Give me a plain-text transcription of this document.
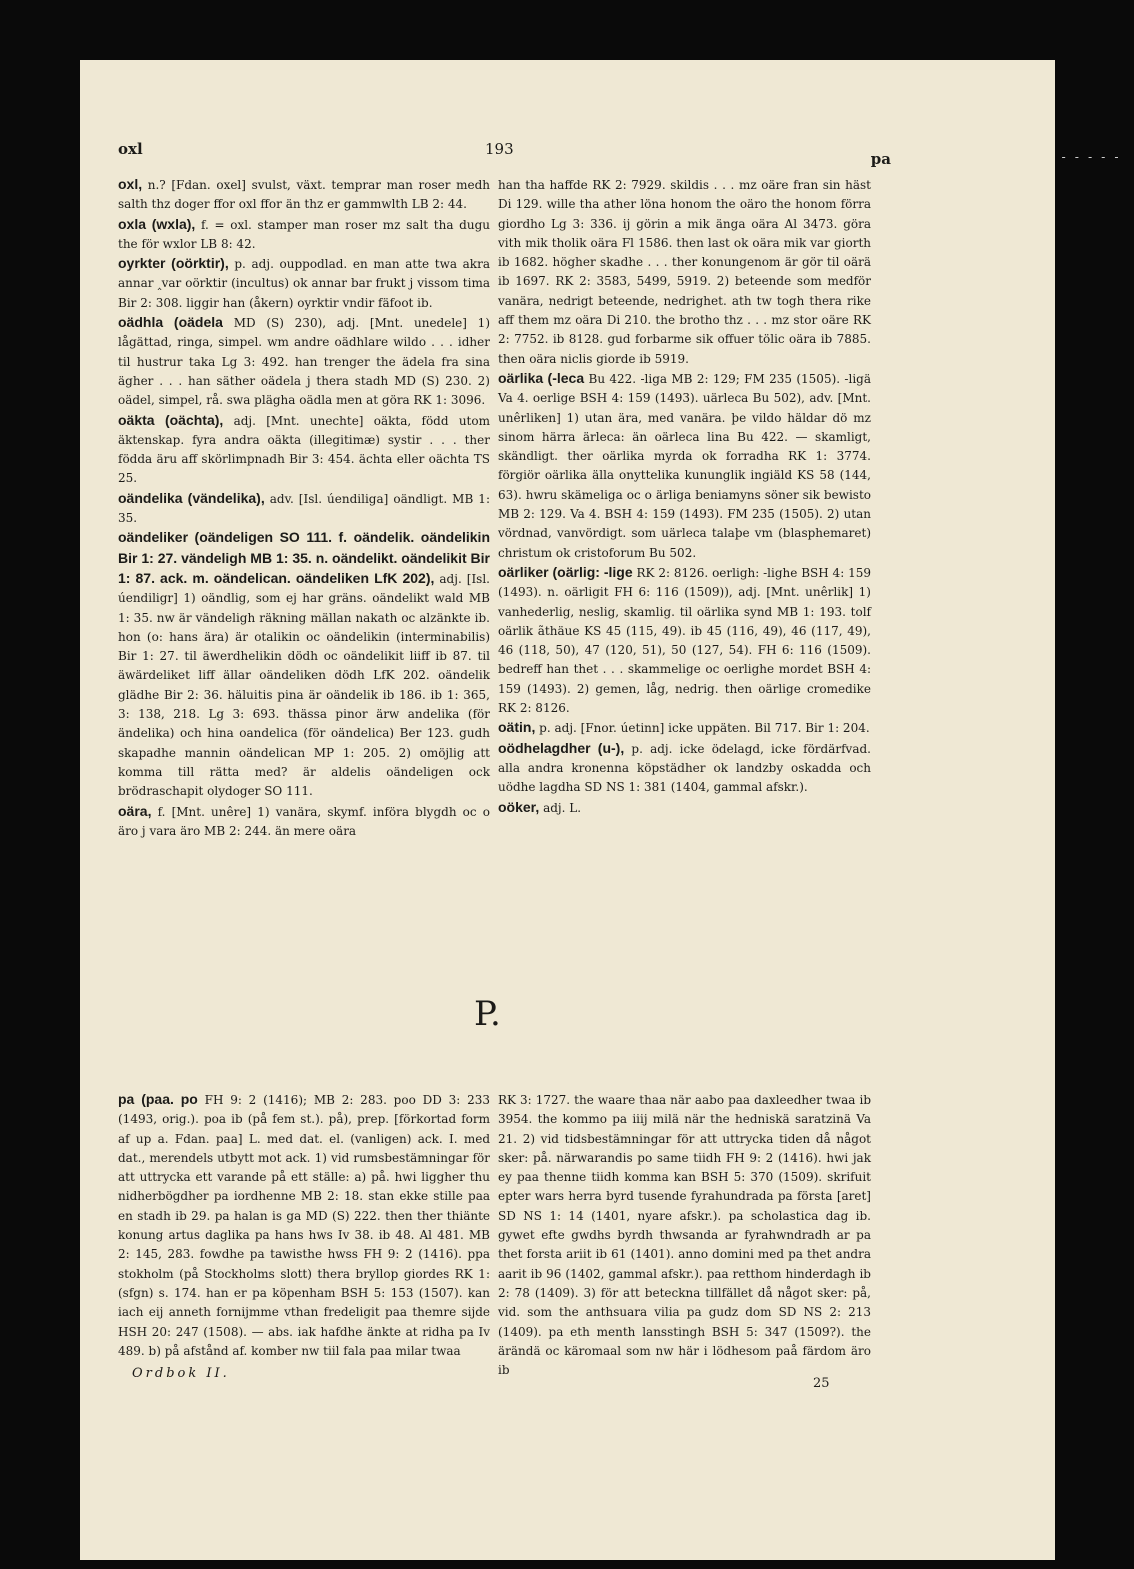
oxl	193
pa

oxl, n.? [Fdan. oxel] svulst, växt. temprar man roser medh salth thz doger ffor oxl ffor än thz er gammwlth LB 2: 44.

oxla (wxla), f. = oxl. stamper man roser mz salt tha dugu the för wxlor LB 8: 42.

oyrkter (oörktir), p. adj. ouppodlad. en man atte twa akra annar ‸var oörktir (incultus) ok annar bar frukt j vissom tima Bir 2: 308. liggir han (åkern) oyrktir vndir fäfoot ib.

oädhla (oädela MD (S) 230), adj. [Mnt. unedele] 1) lågättad, ringa, simpel. wm andre oädhlare wildo . . . idher til hustrur taka Lg 3: 492. han trenger the ädela fra sina ägher . . . han säther oädela j thera stadh MD (S) 230. 2) oädel, simpel, rå. swa plägha oädla men at göra RK 1: 3096.

oäkta (oächta), adj. [Mnt. unechte] oäkta, född utom äktenskap. fyra andra oäkta (illegitimæ) systir . . . ther födda äru aff skörlimpnadh Bir 3: 454. ächta eller oächta TS 25.

oändelika (vändelika), adv. [Isl. úendiliga] oändligt. MB 1: 35.

oändeliker (oändeligen SO 111. f. oändelik. oändelikin Bir 1: 27. vändeligh MB 1: 35. n. oändelikt. oändelikit Bir 1: 87. ack. m. oändelican. oändeliken LfK 202), adj. [Isl. úendiligr] 1) oändlig, som ej har gräns. oändelikt wald MB 1: 35. nw är vändeligh räkning mällan nakath oc alzänkte ib. hon (o: hans ära) är otalikin oc oändelikin (interminabilis) Bir 1: 27. til äwerdhelikin dödh oc oändelikit liiff ib 87. til äwärdeliket liff ällar oändeliken dödh LfK 202. oändelik glädhe Bir 2: 36. häluitis pina är oändelik ib 186. ib 1: 365, 3: 138, 218. Lg 3: 693. thässa pinor ärw andelika (för ändelika) och hina oandelica (för oändelica) Ber 123. gudh skapadhe mannin oändelican MP 1: 205. 2) omöjlig att komma till rätta med? är aldelis oändeligen ock brödraschapit olydoger SO 111.

oära, f. [Mnt. unêre] 1) vanära, skymf. införa blygdh oc o äro j vara äro MB 2: 244. än mere oära

han tha haffde RK 2: 7929. skildis . . . mz oäre fran sin häst Di 129. wille tha ather löna honom the oäro the honom förra giordho Lg 3: 336. ij görin a mik änga oära Al 3473. göra vith mik tholik oära Fl 1586. then lаst ok oära mik var giorth ib 1682. högher skadhe . . . ther konungenom är gör til oärä ib 1697. RK 2: 3583, 5499, 5919. 2) beteende som medför vanära, nedrigt beteende, nedrighet. ath tw togh thera rike aff them mz oära Di 210. the brotho thz . . . mz stor oäre RK 2: 7752. ib 8128. gud forbarme sik offuer tölic oära ib 7885. then oära niclis giorde ib 5919.

oärlika (-leca Bu 422. -liga MB 2: 129; FM 235 (1505). -ligä Va 4. oerlige BSH 4: 159 (1493). uärleca Bu 502), adv. [Mnt. unêrliken] 1) utan ära, med vanära. þe vildo häldar dö mz sinom härra ärleca: än oärleca lina Bu 422. — skamligt, skändligt. ther oärlika myrda ok forradha RK 1: 3774. förgiör oärlika älla onyttelika kununglik ingiäld KS 58 (144, 63). hwru skämeliga oc o ärliga beniamyns söner sik bewisto MB 2: 129. Va 4. BSH 4: 159 (1493). FM 235 (1505). 2) utan vördnad, vanvördigt. som uärleca talaþe vm (blasphemaret) christum ok cristoforum Bu 502.

oärliker (oärlig: -lige RK 2: 8126. oerligh: -lighe BSH 4: 159 (1493). n. oärligit FH 6: 116 (1509)), adj. [Mnt. unêrlik] 1) vanhederlig, neslig, skamlig. til oärlika synd MB 1: 193. tolf oärlik ãthäue KS 45 (115, 49). ib 45 (116, 49), 46 (117, 49), 46 (118, 50), 47 (120, 51), 50 (127, 54). FH 6: 116 (1509). bedreff han thet . . . skammelige oc oerlighe mordet BSH 4: 159 (1493). 2) gemen, låg, nedrig. then oärlige cromedike RK 2: 8126.

oätin, p. adj. [Fnor. úetinn] icke uppäten. Bil 717. Bir 1: 204.

oödhelagdher (u-), p. adj. icke ödelagd, icke fördärfvad. alla andra kronenna köpstädher ok landzby oskadda och uödhe lagdha SD NS 1: 381 (1404, gammal afskr.).

oöker, adj. L.

P.

pa (paa. po FH 9: 2 (1416); MB 2: 283. poo DD 3: 233 (1493, orig.). poa ib (på fem st.). på), prep. [förkortad form af up a. Fdan. paa] L. med dat. el. (vanligen) ack. I. med dat., merendels utbytt mot ack. 1) vid rumsbestämningar för att uttrycka ett varande på ett ställe: a) på. hwi liggher thu nidherbögdher pa iordhenne MB 2: 18. stan ekke stille paa en stadh ib 29. pa halan is ga MD (S) 222. then ther thiänte konung artus daglika pa hans hws Iv 38. ib 48. Al 481. MB 2: 145, 283. fowdhe pa tawisthe hwss FH 9: 2 (1416). ppa stokholm (på Stockholms slott) thera bryllop giordes RK 1: (sfgn) s. 174. han er pa köpenham BSH 5: 153 (1507). kan iach eij anneth fornijmme vthan fredeligit paa themre sijde HSH 20: 247 (1508). — abs. iak hafdhe änkte at ridha pa Iv 489. b) på afstånd af. komber nw tiil fala paa milar twaa

RK 3: 1727. the waare thaa när aabo paa daxleedher twaa ib 3954. the kommo pa iiij milä när the hedniskä saratzinä Va 21. 2) vid tidsbestämningar för att uttrycka tiden då något sker: på. närwarandis po same tiidh FH 9: 2 (1416). hwi jak ey paa thenne tiidh komma kan BSH 5: 370 (1509). skrifuit epter wars herra byrd tusende fyrahundrada pa första [aret] SD NS 1: 14 (1401, nyare afskr.). pa scholastica dag ib. gywet efte gwdhs byrdh thwsanda ar fyrahwndradh ar pa thet forsta ariit ib 61 (1401). anno domini med pa thet andra aarit ib 96 (1402, gammal afskr.). paa retthom hinderdagh ib 2: 78 (1409). 3) för att beteckna tillfället då något sker: på, vid. som the anthsuara vilia pa gudz dom SD NS 2: 213 (1409). pa eth menth lansstingh BSH 5: 347 (1509?). the ärändä oc käromaal som nw här i lödhesom paå färdom äro ib

Ordbok II.
25
-----
